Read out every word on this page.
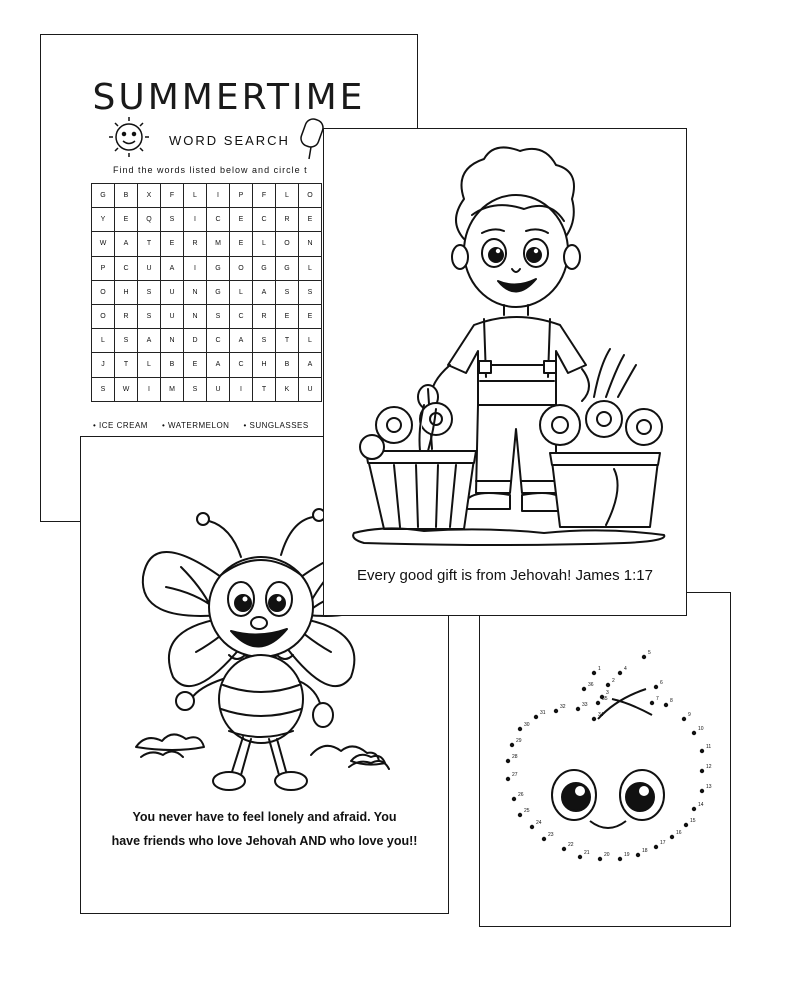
SUMMERTIME
WORD SEARCH
Find the words listed below and circle t
G	B	X	F	L	I	P	F	L	O
Y	E	Q	S	I	C	E	C	R	E
W	A	T	E	R	M	E	L	O	N
P	C	U	A	I	G	O	G	G	L
O	H	S	U	N	G	L	A	S	S
O	R	S	U	N	S	C	R	E	E
L	S	A	N	D	C	A	S	T	L
J	T	L	B	E	A	C	H	B	A
S	W	I	M	S	U	I	T	K	U
• ICE CREAM • WATERMELON • SUNGLASSES
You never have to feel lonely and afraid. You
have friends who love Jehovah AND who love you!!
1
2
3
4
5
6
7 8
9
10
11
12
13
14
15
16
17
18
19
20
21
22
23
24
25
26
27
28
29
30
31
32	33
34
35
36
Every good gift is from Jehovah! James 1:17
